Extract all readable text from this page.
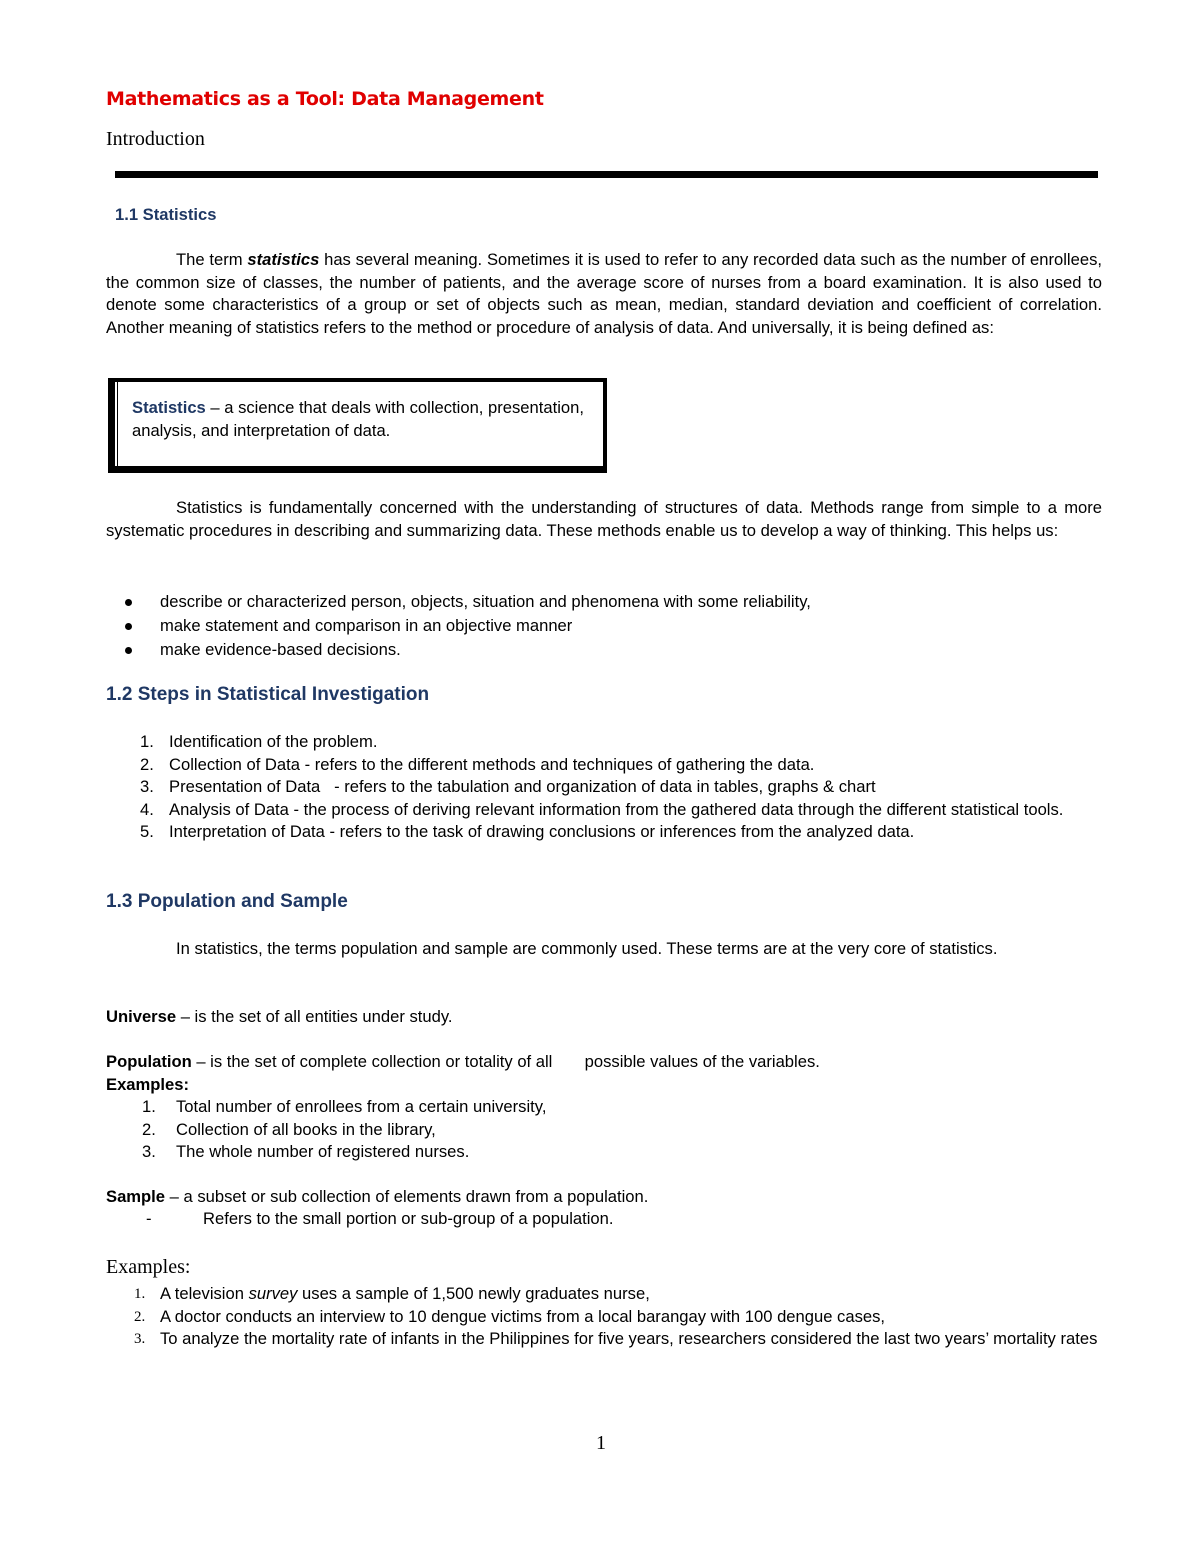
Mathematics as a Tool: Data Management

Introduction

1.1 Statistics

The term statistics has several meaning. Sometimes it is used to refer to any recorded data such as the number of enrollees, the common size of classes, the number of patients, and the average score of nurses from a board examination. It is also used to denote some characteristics of a group or set of objects such as mean, median, standard deviation and coefficient of correlation. Another meaning of statistics refers to the method or procedure of analysis of data. And universally, it is being defined as:

Statistics – a science that deals with collection, presentation, analysis, and interpretation of data.

Statistics is fundamentally concerned with the understanding of structures of data. Methods range from simple to a more systematic procedures in describing and summarizing data. These methods enable us to develop a way of thinking. This helps us:

describe or characterized person, objects, situation and phenomena with some reliability,
make statement and comparison in an objective manner
make evidence-based decisions.
1.2 Steps in Statistical Investigation
1. Identification of the problem.
2. Collection of Data - refers to the different methods and techniques of gathering the data.
3. Presentation of Data   - refers to the tabulation and organization of data in tables, graphs & chart
4. Analysis of Data - the process of deriving relevant information from the gathered data through the different statistical tools.
5. Interpretation of Data - refers to the task of drawing conclusions or inferences from the analyzed data.
1.3 Population and Sample

In statistics, the terms population and sample are commonly used. These terms are at the very core of statistics.

Universe – is the set of all entities under study.

Population – is the set of complete collection or totality of all       possible values of the variables.

Examples:

1. Total number of enrollees from a certain university,
2. Collection of all books in the library,
3. The whole number of registered nurses.

Sample – a subset or sub collection of elements drawn from a population.

-	Refers to the small portion or sub-group of a population.

Examples:

1. A television survey uses a sample of 1,500 newly graduates nurse,
2. A doctor conducts an interview to 10 dengue victims from a local barangay with 100 dengue cases,
3. To analyze the mortality rate of infants in the Philippines for five years, researchers considered the last two years’ mortality rates

1
